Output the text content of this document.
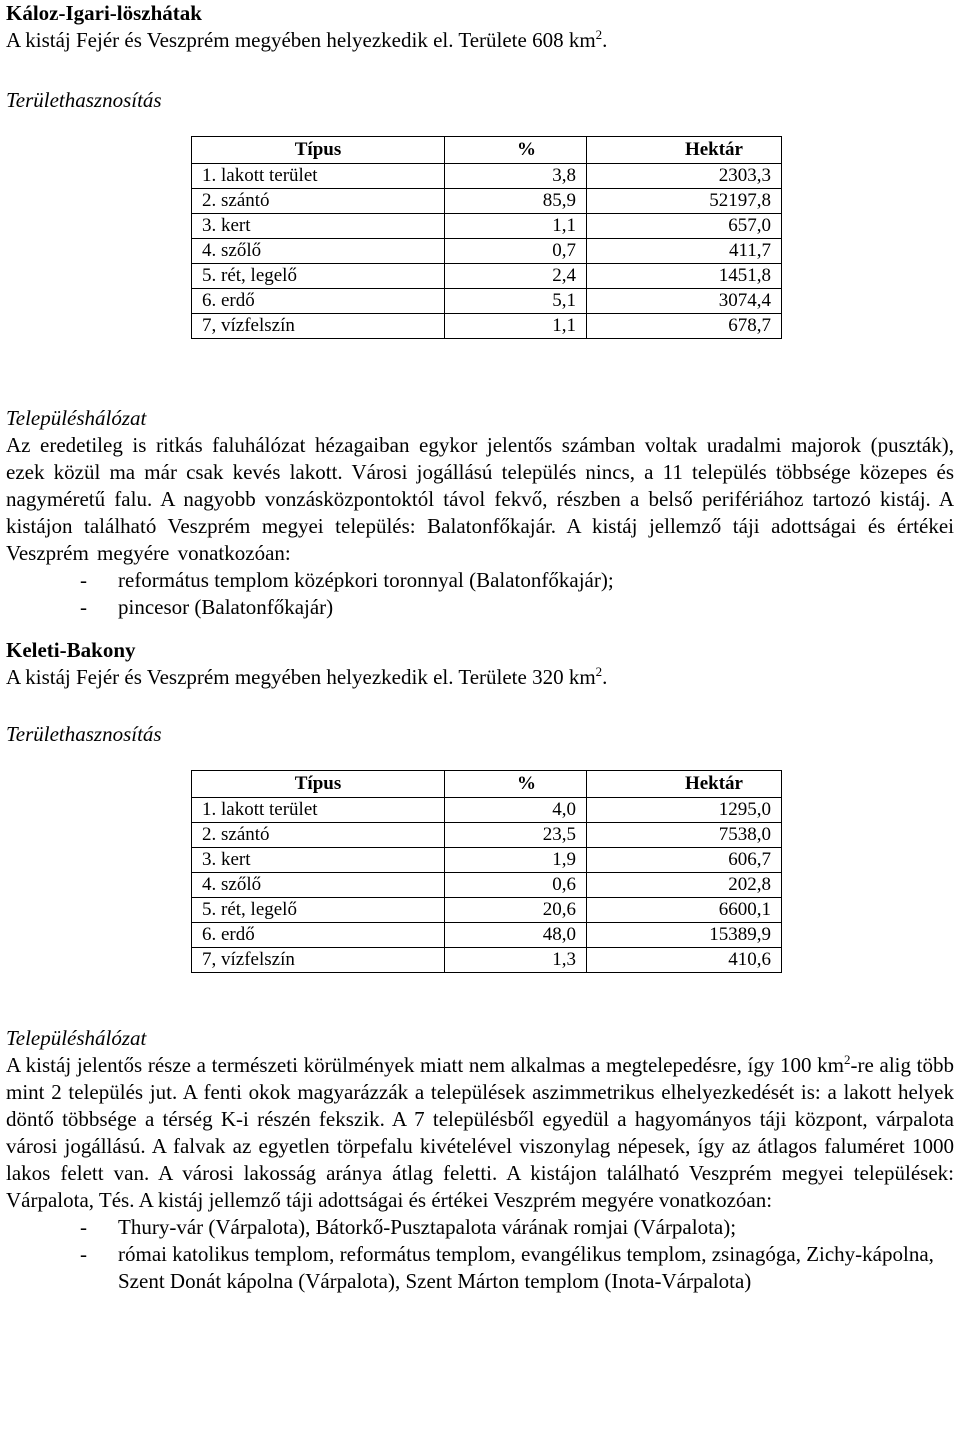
Káloz-Igari-löszhátak

A kistáj Fejér és Veszprém megyében helyezkedik el. Területe 608 $km^2$.

Területhasznosítás

Típus	%	Hektár
1. lakott terület	3,8	2303,3
2. szántó	85,9	52197,8
3. kert	1,1	657,0
4. szőlő	0,7	411,7
5. rét, legelő	2,4	1451,8
6. erdő	5,1	3074,4
7, vízfelszín	1,1	678,7

Településhálózat

Az eredetileg is ritkás faluhálózat hézagaiban egykor jelentős számban voltak uradalmi majorok (puszták), ezek közül ma már csak kevés lakott. Városi jogállású település nincs, a 11 település többsége közepes és nagyméretű falu. A nagyobb vonzásközpontoktól távol fekvő, részben a belső perifériához tartozó kistáj. A kistájon található Veszprém megyei település: Balatonfőkajár. A kistáj jellemző táji adottságai és értékei Veszprém megyére vonatkozóan:

- református templom középkori toronnyal (Balatonfőkajár);
- pincesor (Balatonfőkajár)

Keleti-Bakony

A kistáj Fejér és Veszprém megyében helyezkedik el. Területe 320 $km^2$.

Területhasznosítás

Típus	%	Hektár
1. lakott terület	4,0	1295,0
2. szántó	23,5	7538,0
3. kert	1,9	606,7
4. szőlő	0,6	202,8
5. rét, legelő	20,6	6600,1
6. erdő	48,0	15389,9
7, vízfelszín	1,3	410,6

Településhálózat

A kistáj jelentős része a természeti körülmények miatt nem alkalmas a megtelepedésre, így 100 $km^2-re$ alig több mint 2 település jut. A fenti okok magyarázzák a települések aszimmetrikus elhelyezkedését is: a lakott helyek döntő többsége a térség K-i részén fekszik. A 7 településből egyedül a hagyományos táji központ, várpalota városi jogállású. A falvak az egyetlen törpefalu kivételével viszonylag népesek, így az átlagos faluméret 1000 lakos felett van. A városi lakosság aránya átlag feletti. A kistájon található Veszprém megyei települések: Várpalota, Tés. A kistáj jellemző táji adottságai és értékei Veszprém megyére vonatkozóan:

- Thury-vár (Várpalota), Bátorkő-Pusztapalota várának romjai (Várpalota);
- római katolikus templom, református templom, evangélikus templom, zsinagóga, Zichy-kápolna, Szent Donát kápolna (Várpalota), Szent Márton templom (Inota-Várpalota)
